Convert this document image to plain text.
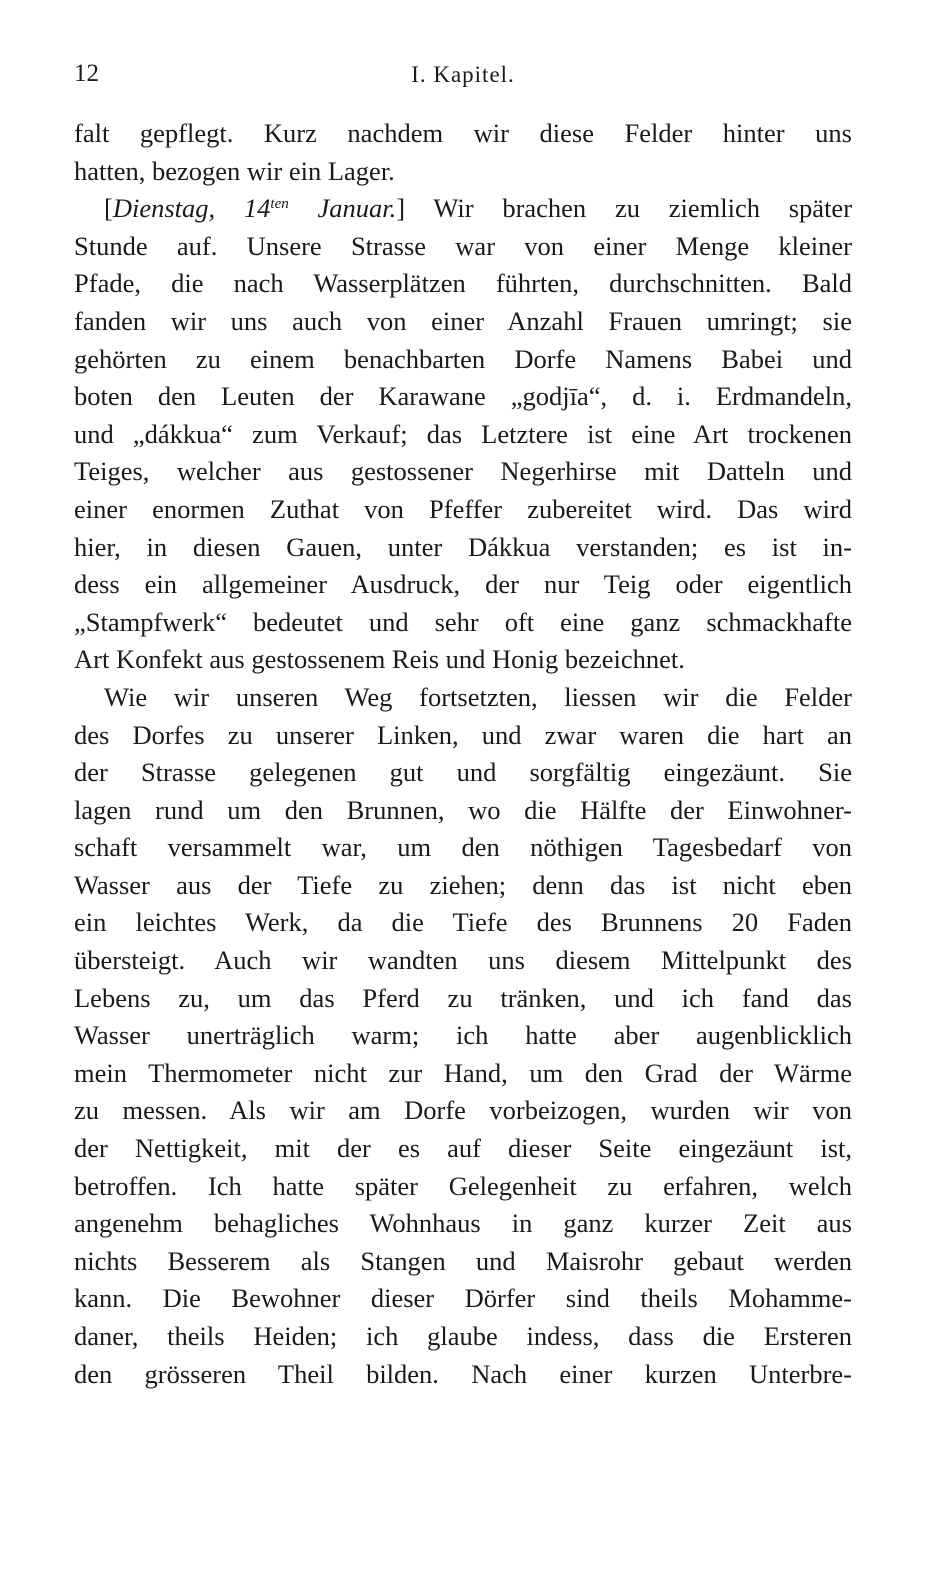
12	I. Kapitel.
falt gepflegt. Kurz nachdem wir diese Felder hinter uns
hatten, bezogen wir ein Lager.
[Dienstag, $14^{ten}$ Januar.] Wir brachen zu ziemlich später
Stunde auf. Unsere Strasse war von einer Menge kleiner
Pfade, die nach Wasserplätzen führten, durchschnitten. Bald
fanden wir uns auch von einer Anzahl Frauen umringt; sie
gehörten zu einem benachbarten Dorfe Namens Babei und
boten den Leuten der Karawane „godjīa“, d. i. Erdmandeln,
und „dákkua“ zum Verkauf; das Letztere ist eine Art trockenen
Teiges, welcher aus gestossener Negerhirse mit Datteln und
einer enormen Zuthat von Pfeffer zubereitet wird. Das wird
hier, in diesen Gauen, unter Dákkua verstanden; es ist in-
dess ein allgemeiner Ausdruck, der nur Teig oder eigentlich
„Stampfwerk“ bedeutet und sehr oft eine ganz schmackhafte
Art Konfekt aus gestossenem Reis und Honig bezeichnet.
Wie wir unseren Weg fortsetzten, liessen wir die Felder
des Dorfes zu unserer Linken, und zwar waren die hart an
der Strasse gelegenen gut und sorgfältig eingezäunt. Sie
lagen rund um den Brunnen, wo die Hälfte der Einwohner-
schaft versammelt war, um den nöthigen Tagesbedarf von
Wasser aus der Tiefe zu ziehen; denn das ist nicht eben
ein leichtes Werk, da die Tiefe des Brunnens 20 Faden
übersteigt. Auch wir wandten uns diesem Mittelpunkt des
Lebens zu, um das Pferd zu tränken, und ich fand das
Wasser unerträglich warm; ich hatte aber augenblicklich
mein Thermometer nicht zur Hand, um den Grad der Wärme
zu messen. Als wir am Dorfe vorbeizogen, wurden wir von
der Nettigkeit, mit der es auf dieser Seite eingezäunt ist,
betroffen. Ich hatte später Gelegenheit zu erfahren, welch
angenehm behagliches Wohnhaus in ganz kurzer Zeit aus
nichts Besserem als Stangen und Maisrohr gebaut werden
kann. Die Bewohner dieser Dörfer sind theils Mohamme-
daner, theils Heiden; ich glaube indess, dass die Ersteren
den grösseren Theil bilden. Nach einer kurzen Unterbre-
